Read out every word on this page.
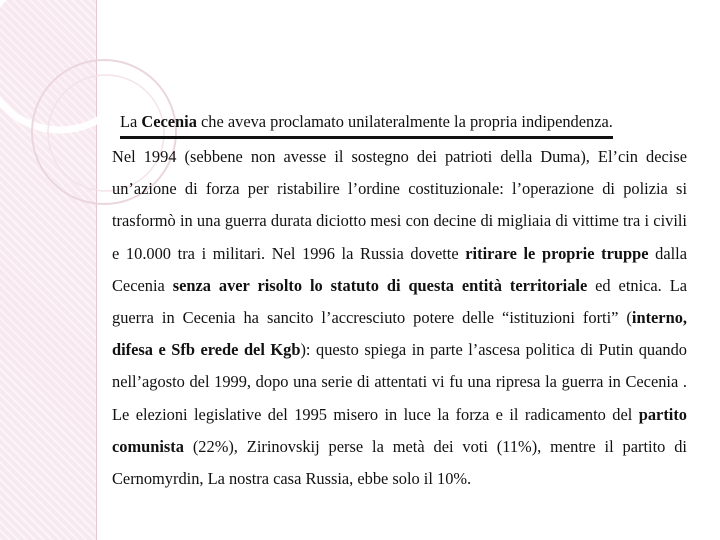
La Cecenia che aveva proclamato unilateralmente la propria indipendenza.
Nel 1994 (sebbene non avesse il sostegno dei patrioti della Duma), El’cin decise un’azione di forza per ristabilire l’ordine costituzionale: l’operazione di polizia si trasformò in una guerra durata diciotto mesi con decine di migliaia di vittime tra i civili e 10.000 tra i militari. Nel 1996 la Russia dovette ritirare le proprie truppe dalla Cecenia senza aver risolto lo statuto di questa entità territoriale ed etnica. La guerra in Cecenia ha sancito l’accresciuto potere delle “istituzioni forti” (interno, difesa e Sfb erede del Kgb): questo spiega in parte l’ascesa politica di Putin quando nell’agosto del 1999, dopo una serie di attentati vi fu una ripresa la guerra in Cecenia . Le elezioni legislative del 1995 misero in luce la forza e il radicamento del partito comunista (22%), Zirinovskij perse la metà dei voti (11%), mentre il partito di Cernomyrdin, La nostra casa Russia, ebbe solo il 10%.
